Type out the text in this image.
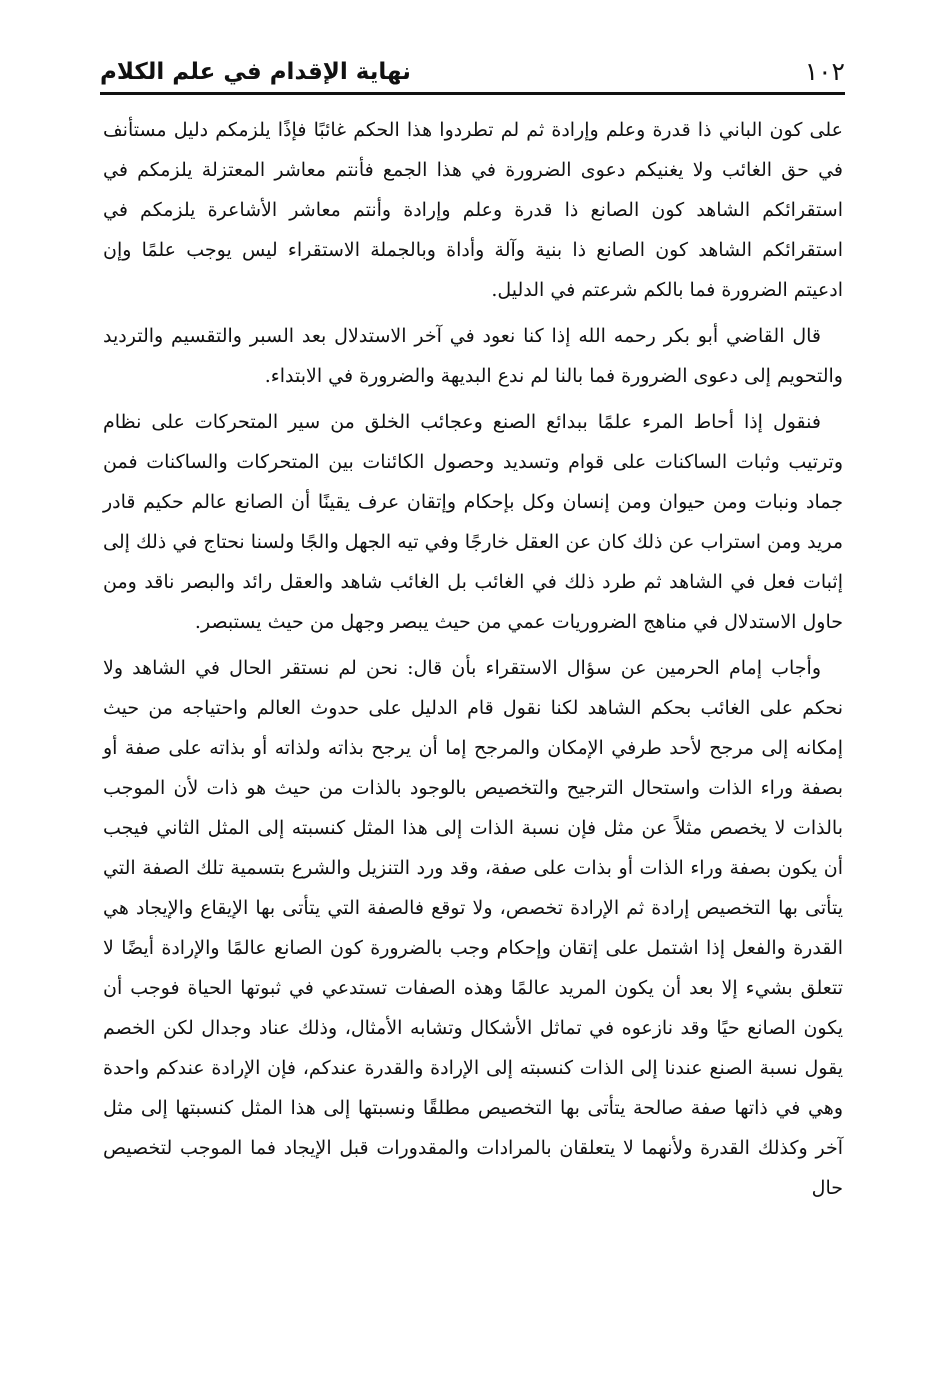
١٠٢
نهاية الإقدام في علم الكلام

على كون الباني ذا قدرة وعلم وإرادة ثم لم تطردوا هذا الحكم غائبًا فإذًا يلزمكم دليل مستأنف في حق الغائب ولا يغنيكم دعوى الضرورة في هذا الجمع فأنتم معاشر المعتزلة يلزمكم في استقرائكم الشاهد كون الصانع ذا قدرة وعلم وإرادة وأنتم معاشر الأشاعرة يلزمكم في استقرائكم الشاهد كون الصانع ذا بنية وآلة وأداة وبالجملة الاستقراء ليس يوجب علمًا وإن ادعيتم الضرورة فما بالكم شرعتم في الدليل.

قال القاضي أبو بكر رحمه الله إذا كنا نعود في آخر الاستدلال بعد السبر والتقسيم والترديد والتحويم إلى دعوى الضرورة فما بالنا لم ندع البديهة والضرورة في الابتداء.

فنقول إذا أحاط المرء علمًا ببدائع الصنع وعجائب الخلق من سير المتحركات على نظام وترتيب وثبات الساكنات على قوام وتسديد وحصول الكائنات بين المتحركات والساكنات فمن جماد ونبات ومن حيوان ومن إنسان وكل بإحكام وإتقان عرف يقينًا أن الصانع عالم حكيم قادر مريد ومن استراب عن ذلك كان عن العقل خارجًا وفي تيه الجهل والجًا ولسنا نحتاج في ذلك إلى إثبات فعل في الشاهد ثم طرد ذلك في الغائب بل الغائب شاهد والعقل رائد والبصر ناقد ومن حاول الاستدلال في مناهج الضروريات عمي من حيث يبصر وجهل من حيث يستبصر.

وأجاب إمام الحرمين عن سؤال الاستقراء بأن قال: نحن لم نستقر الحال في الشاهد ولا نحكم على الغائب بحكم الشاهد لكنا نقول قام الدليل على حدوث العالم واحتياجه من حيث إمكانه إلى مرجح لأحد طرفي الإمكان والمرجح إما أن يرجح بذاته ولذاته أو بذاته على صفة أو بصفة وراء الذات واستحال الترجيح والتخصيص بالوجود بالذات من حيث هو ذات لأن الموجب بالذات لا يخصص مثلاً عن مثل فإن نسبة الذات إلى هذا المثل كنسبته إلى المثل الثاني فيجب أن يكون بصفة وراء الذات أو بذات على صفة، وقد ورد التنزيل والشرع بتسمية تلك الصفة التي يتأتى بها التخصيص إرادة ثم الإرادة تخصص، ولا توقع فالصفة التي يتأتى بها الإيقاع والإيجاد هي القدرة والفعل إذا اشتمل على إتقان وإحكام وجب بالضرورة كون الصانع عالمًا والإرادة أيضًا لا تتعلق بشيء إلا بعد أن يكون المريد عالمًا وهذه الصفات تستدعي في ثبوتها الحياة فوجب أن يكون الصانع حيًا وقد نازعوه في تماثل الأشكال وتشابه الأمثال، وذلك عناد وجدال لكن الخصم يقول نسبة الصنع عندنا إلى الذات كنسبته إلى الإرادة والقدرة عندكم، فإن الإرادة عندكم واحدة وهي في ذاتها صفة صالحة يتأتى بها التخصيص مطلقًا ونسبتها إلى هذا المثل كنسبتها إلى مثل آخر وكذلك القدرة ولأنهما لا يتعلقان بالمرادات والمقدورات قبل الإيجاد فما الموجب لتخصيص حال
